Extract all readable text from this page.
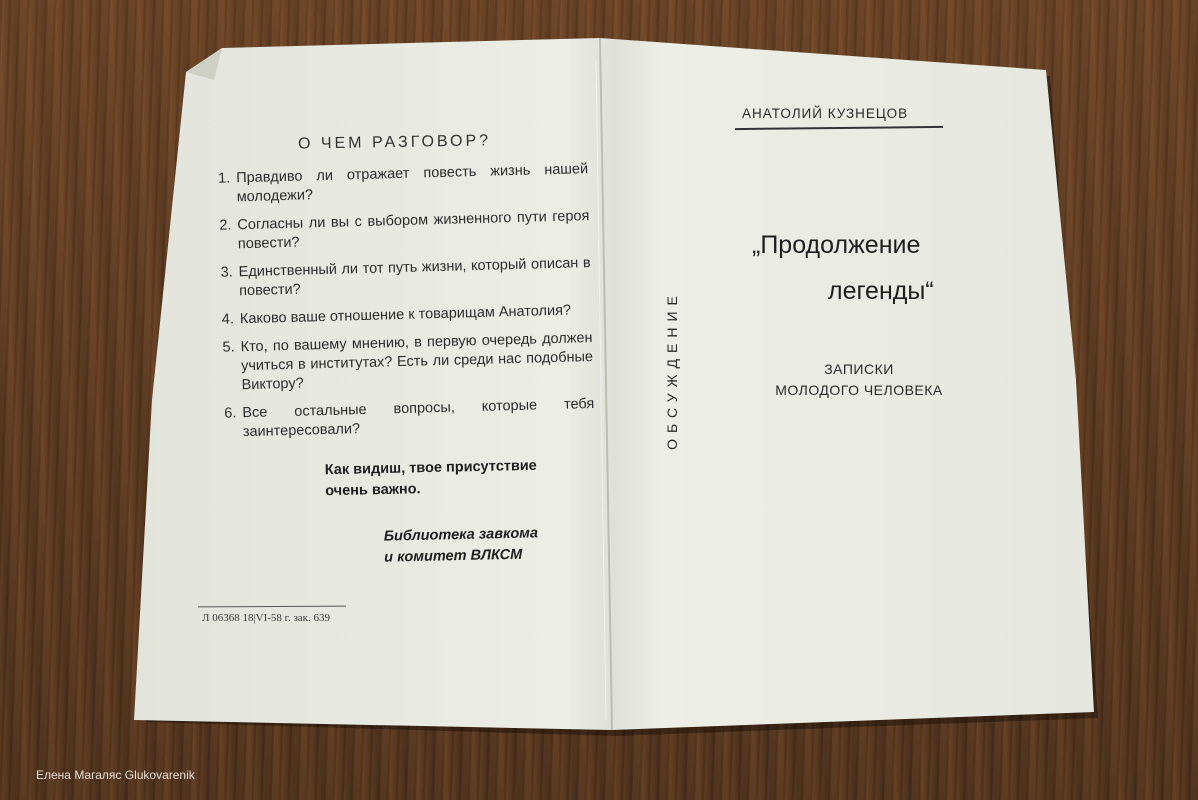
О ЧЕМ РАЗГОВОР?
1. Правдиво ли отражает повесть жизнь нашей молодежи?
2. Согласны ли вы с выбором жизненного пути героя повести?
3. Единственный ли тот путь жизни, который описан в повести?
4. Каково ваше отношение к товарищам Анатолия?
5. Кто, по вашему мнению, в первую очередь должен учиться в институтах? Есть ли среди нас подобные Виктору?
6. Все остальные вопросы, которые тебя заинтересовали?
Как видиш, твое присутствие
очень важно.
Библиотека завкома
и комитет ВЛКСМ
Л 06368 18|VI-58 г. зак. 639
ОБСУЖДЕНИЕ
АНАТОЛИЙ КУЗНЕЦОВ
„Продолжение
легенды“
ЗАПИСКИ
МОЛОДОГО ЧЕЛОВЕКА
Елена Магаляс Glukovarenik
